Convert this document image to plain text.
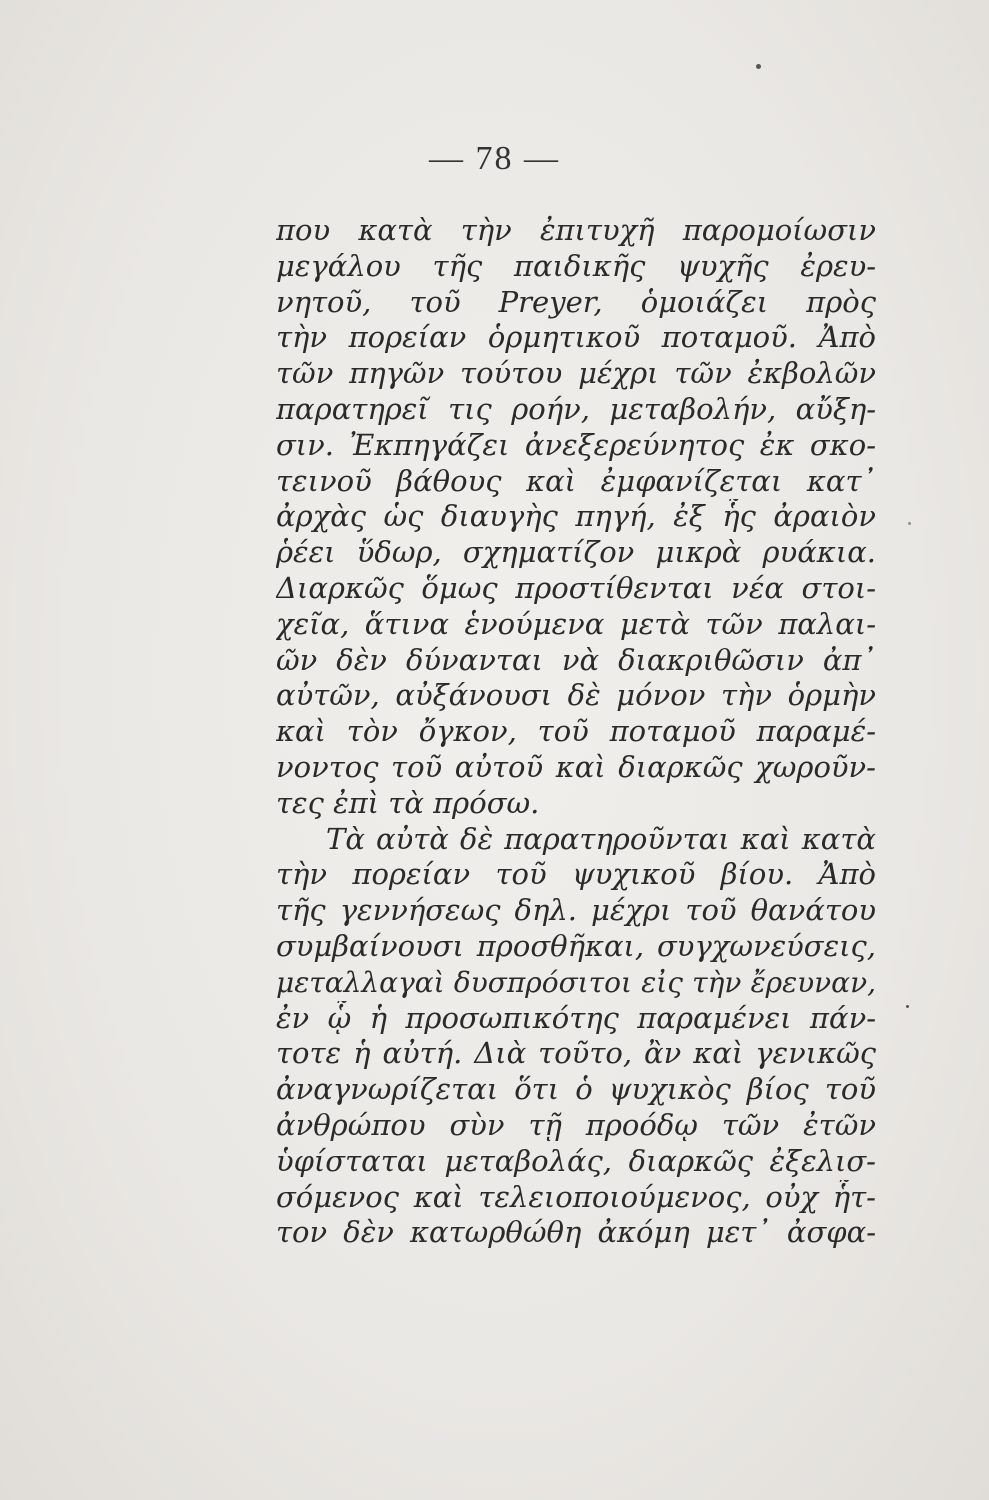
— 78 —
που κατὰ τὴν ἐπιτυχῆ παρομοίωσιν
μεγάλου τῆς παιδικῆς ψυχῆς ἐρευ-
νητοῦ, τοῦ Preyer, ὁμοιάζει πρὸς
τὴν πορείαν ὁρμητικοῦ ποταμοῦ. Ἀπὸ
τῶν πηγῶν τούτου μέχρι τῶν ἐκβολῶν
παρατηρεῖ τις ροήν, μεταβολήν, αὔξη-
σιν. Ἐκπηγάζει ἀνεξερεύνητος ἐκ σκο-
τεινοῦ βάθους καὶ ἐμφανίζεται κατ᾽
ἀρχὰς ὡς διαυγὴς πηγή, ἐξ ἧς ἀραιὸν
ῥέει ὕδωρ, σχηματίζον μικρὰ ρυάκια.
Διαρκῶς ὅμως προστίθενται νέα στοι-
χεῖα, ἅτινα ἑνούμενα μετὰ τῶν παλαι-
ῶν δὲν δύνανται νὰ διακριθῶσιν ἀπ᾽
αὐτῶν, αὐξάνουσι δὲ μόνον τὴν ὁρμὴν
καὶ τὸν ὄγκον, τοῦ ποταμοῦ παραμέ-
νοντος τοῦ αὐτοῦ καὶ διαρκῶς χωροῦν-
τες ἐπὶ τὰ πρόσω.
Τὰ αὐτὰ δὲ παρατηροῦνται καὶ κατὰ
τὴν πορείαν τοῦ ψυχικοῦ βίου. Ἀπὸ
τῆς γεννήσεως δηλ. μέχρι τοῦ θανάτου
συμβαίνουσι προσθῆκαι, συγχωνεύσεις,
μεταλλαγαὶ δυσπρόσιτοι εἰς τὴν ἔρευναν,
ἐν ᾧ ἡ προσωπικότης παραμένει πάν-
τοτε ἡ αὐτή. Διὰ τοῦτο, ἂν καὶ γενικῶς
ἀναγνωρίζεται ὅτι ὁ ψυχικὸς βίος τοῦ
ἀνθρώπου σὺν τῇ προόδῳ τῶν ἐτῶν
ὑφίσταται μεταβολάς, διαρκῶς ἐξελισ-
σόμενος καὶ τελειοποιούμενος, οὐχ ἧτ-
τον δὲν κατωρθώθη ἀκόμη μετ᾽ ἀσφα-
